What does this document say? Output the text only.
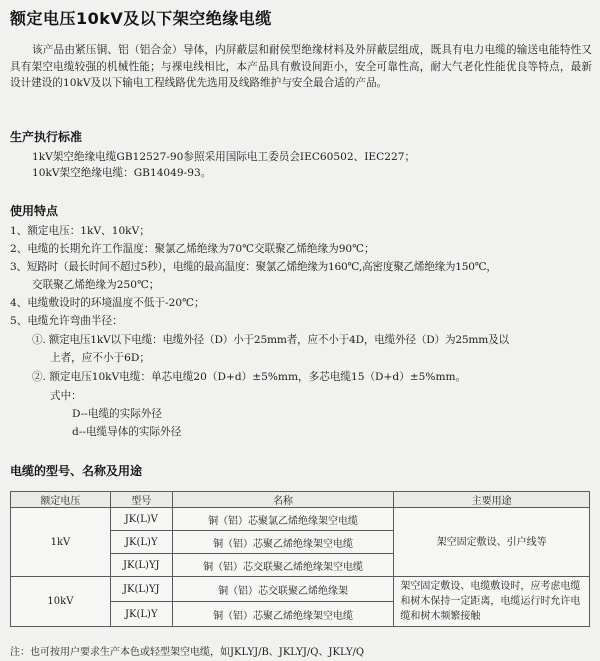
额定电压10kV及以下架空绝缘电缆

该产品由紧压铜、铝（铝合金）导体，内屏蔽层和耐侯型绝缘材料及外屏蔽层组成，既具有电力电缆的输送电能特性又具有架空电缆较强的机械性能；与裸电线相比，本产品具有敷设间距小，安全可靠性高，耐大气老化性能优良等特点，最新设计建设的10kV及以下输电工程线路优先选用及线路维护与安全最合适的产品。

生产执行标准
1kV架空绝缘电缆GB12527-90参照采用国际电工委员会IEC60502、IEC227；
10kV架空绝缘电缆：GB14049-93。
使用特点
1、额定电压：1kV、10kV；
2、电缆的长期允许工作温度：聚氯乙烯绝缘为70℃交联聚乙烯绝缘为90℃；
3、短路时（最长时间不超过5秒），电缆的最高温度：聚氯乙烯绝缘为160℃,高密度聚乙烯绝缘为150℃，
交联聚乙烯绝缘为250℃；
4、电缆敷设时的环境温度不低于-20℃；
5、电缆允许弯曲半径：
①. 额定电压1kV以下电缆：电缆外径（D）小于25mm者，应不小于4D，电缆外径（D）为25mm及以
上者，应不小于6D；
②. 额定电压10kV电缆：单芯电缆20（D+d）±5%mm，多芯电缆15（D+d）±5%mm。
式中：
D--电缆的实际外径
d--电缆导体的实际外径
电缆的型号、名称及用途
额定电压	型号	名称	主要用途
1kV	JK(L)V	铜（铝）芯聚氯乙烯绝缘架空电缆	架空固定敷设、引户线等
	JK(L)Y	铜（铝）芯聚乙烯绝缘架空电缆	
	JK(L)YJ	铜（铝）芯交联聚乙烯绝缘架空电缆	
10kV	JK(L)YJ	铜（铝）芯交联聚乙烯绝缘架	架空固定敷设、电缆敷设时，应考虑电缆和树木保持一定距离，电缆运行时允许电缆和树木频繁接触
	JK(L)Y	铜（铝）芯聚乙烯绝缘架空电缆	
注：也可按用户要求生产本色或轻型架空电缆，如JKLYJ/B、JKLYJ/Q、JKLY/Q
